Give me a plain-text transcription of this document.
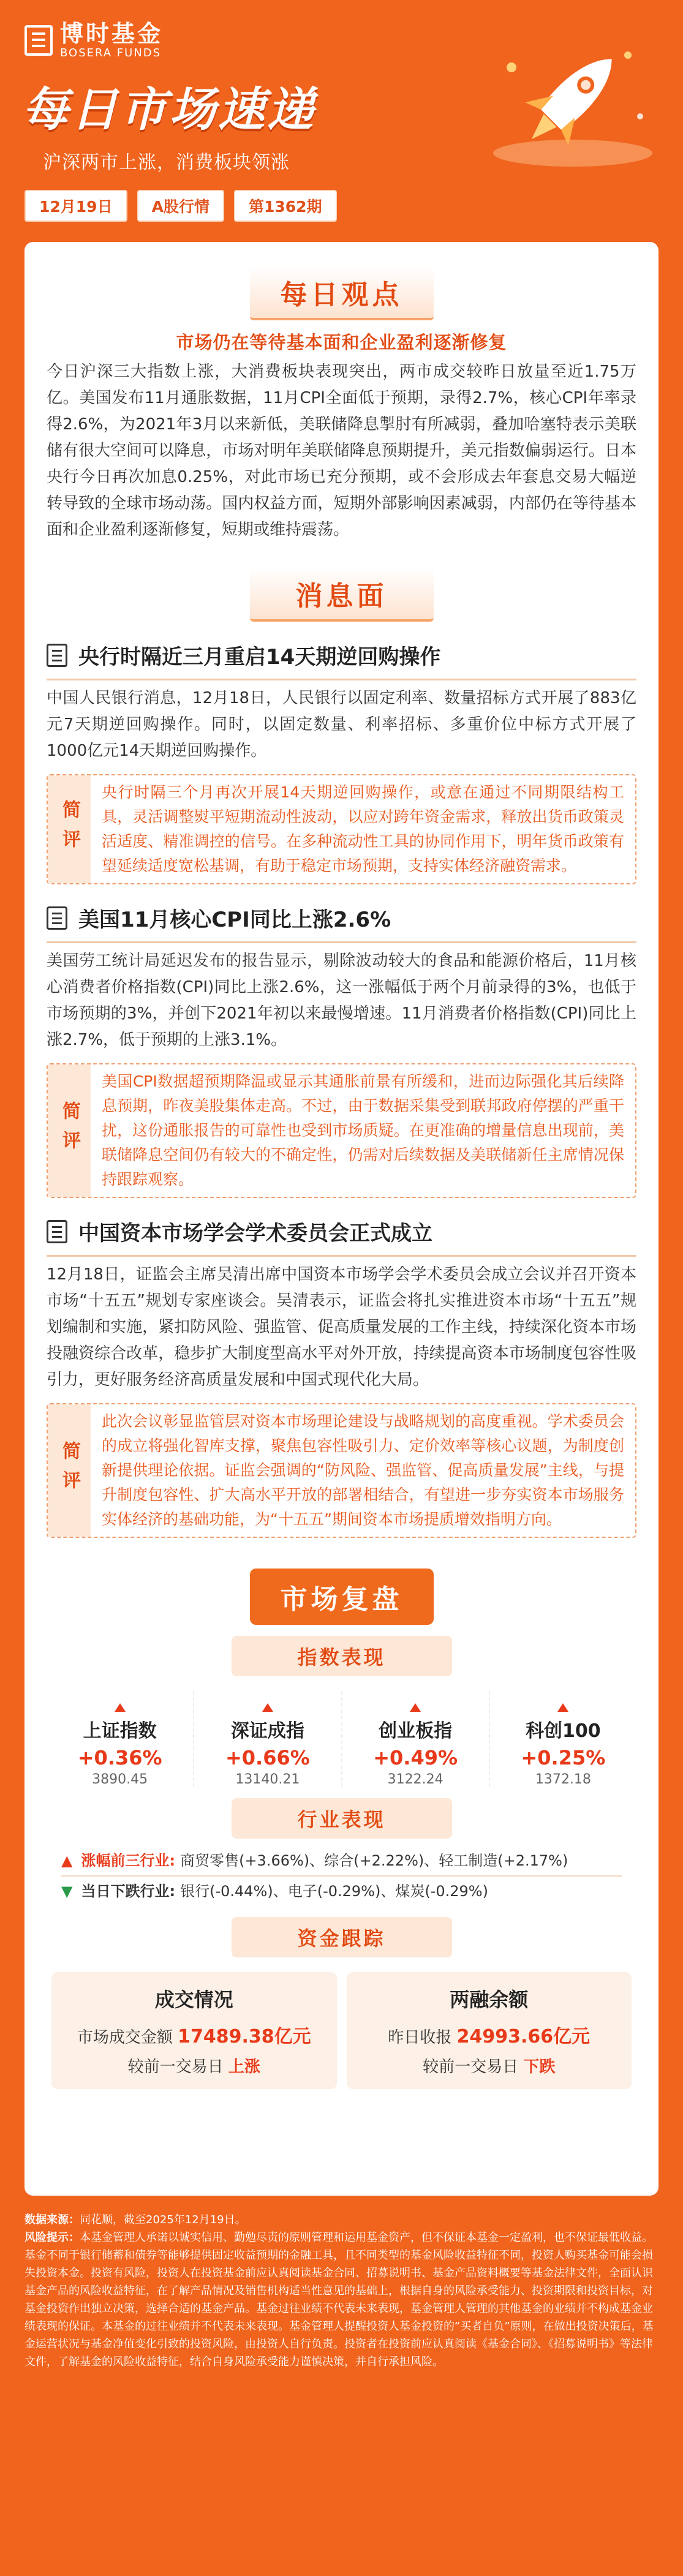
博时基金
BOSERA FUNDS
每日市场速递
沪深两市上涨，消费板块领涨
12月19日	A股行情	第1362期
每日观点
市场仍在等待基本面和企业盈利逐渐修复
今日沪深三大指数上涨，大消费板块表现突出，两市成交较昨日放量至近1.75万亿。美国发布11月通胀数据，11月CPI全面低于预期，录得2.7%，核心CPI年率录得2.6%，为2021年3月以来新低，美联储降息掣肘有所减弱，叠加哈塞特表示美联储有很大空间可以降息，市场对明年美联储降息预期提升，美元指数偏弱运行。日本央行今日再次加息0.25%，对此市场已充分预期，或不会形成去年套息交易大幅逆转导致的全球市场动荡。国内权益方面，短期外部影响因素减弱，内部仍在等待基本面和企业盈利逐渐修复，短期或维持震荡。
消息面
央行时隔近三月重启14天期逆回购操作
中国人民银行消息，12月18日，人民银行以固定利率、数量招标方式开展了883亿元7天期逆回购操作。同时，以固定数量、利率招标、多重价位中标方式开展了1000亿元14天期逆回购操作。
简评
央行时隔三个月再次开展14天期逆回购操作，或意在通过不同期限结构工具，灵活调整熨平短期流动性波动，以应对跨年资金需求，释放出货币政策灵活适度、精准调控的信号。在多种流动性工具的协同作用下，明年货币政策有望延续适度宽松基调，有助于稳定市场预期，支持实体经济融资需求。
美国11月核心CPI同比上涨2.6%
美国劳工统计局延迟发布的报告显示，剔除波动较大的食品和能源价格后，11月核心消费者价格指数(CPI)同比上涨2.6%，这一涨幅低于两个月前录得的3%，也低于市场预期的3%，并创下2021年初以来最慢增速。11月消费者价格指数(CPI)同比上涨2.7%，低于预期的上涨3.1%。
简评
美国CPI数据超预期降温或显示其通胀前景有所缓和，进而边际强化其后续降息预期，昨夜美股集体走高。不过，由于数据采集受到联邦政府停摆的严重干扰，这份通胀报告的可靠性也受到市场质疑。在更准确的增量信息出现前，美联储降息空间仍有较大的不确定性，仍需对后续数据及美联储新任主席情况保持跟踪观察。
中国资本市场学会学术委员会正式成立
12月18日，证监会主席吴清出席中国资本市场学会学术委员会成立会议并召开资本市场“十五五”规划专家座谈会。吴清表示，证监会将扎实推进资本市场“十五五”规划编制和实施，紧扣防风险、强监管、促高质量发展的工作主线，持续深化资本市场投融资综合改革，稳步扩大制度型高水平对外开放，持续提高资本市场制度包容性吸引力，更好服务经济高质量发展和中国式现代化大局。
简评
此次会议彰显监管层对资本市场理论建设与战略规划的高度重视。学术委员会的成立将强化智库支撑，聚焦包容性吸引力、定价效率等核心议题，为制度创新提供理论依据。证监会强调的“防风险、强监管、促高质量发展”主线，与提升制度包容性、扩大高水平开放的部署相结合，有望进一步夯实资本市场服务实体经济的基础功能，为“十五五”期间资本市场提质增效指明方向。
市场复盘
指数表现
上证指数
+0.36%
3890.45
深证成指
+0.66%
13140.21
创业板指
+0.49%
3122.24
科创100
+0.25%
1372.18
行业表现
▲ 涨幅前三行业: 商贸零售(+3.66%)、综合(+2.22%)、轻工制造(+2.17%)
▼ 当日下跌行业: 银行(-0.44%)、电子(-0.29%)、煤炭(-0.29%)
资金跟踪
成交情况
市场成交金额 17489.38亿元
较前一交易日 上涨
两融余额
昨日收报 24993.66亿元
较前一交易日 下跌
数据来源：同花顺，截至2025年12月19日。
风险提示：本基金管理人承诺以诚实信用、勤勉尽责的原则管理和运用基金资产，但不保证本基金一定盈利，也不保证最低收益。基金不同于银行储蓄和债券等能够提供固定收益预期的金融工具，且不同类型的基金风险收益特征不同，投资人购买基金可能会损失投资本金。投资有风险，投资人在投资基金前应认真阅读基金合同、招募说明书、基金产品资料概要等基金法律文件，全面认识基金产品的风险收益特征，在了解产品情况及销售机构适当性意见的基础上，根据自身的风险承受能力、投资期限和投资目标，对基金投资作出独立决策，选择合适的基金产品。基金过往业绩不代表未来表现，基金管理人管理的其他基金的业绩并不构成基金业绩表现的保证。本基金的过往业绩并不代表未来表现。基金管理人提醒投资人基金投资的“买者自负”原则，在做出投资决策后，基金运营状况与基金净值变化引致的投资风险，由投资人自行负责。投资者在投资前应认真阅读《基金合同》、《招募说明书》等法律文件，了解基金的风险收益特征，结合自身风险承受能力谨慎决策，并自行承担风险。
